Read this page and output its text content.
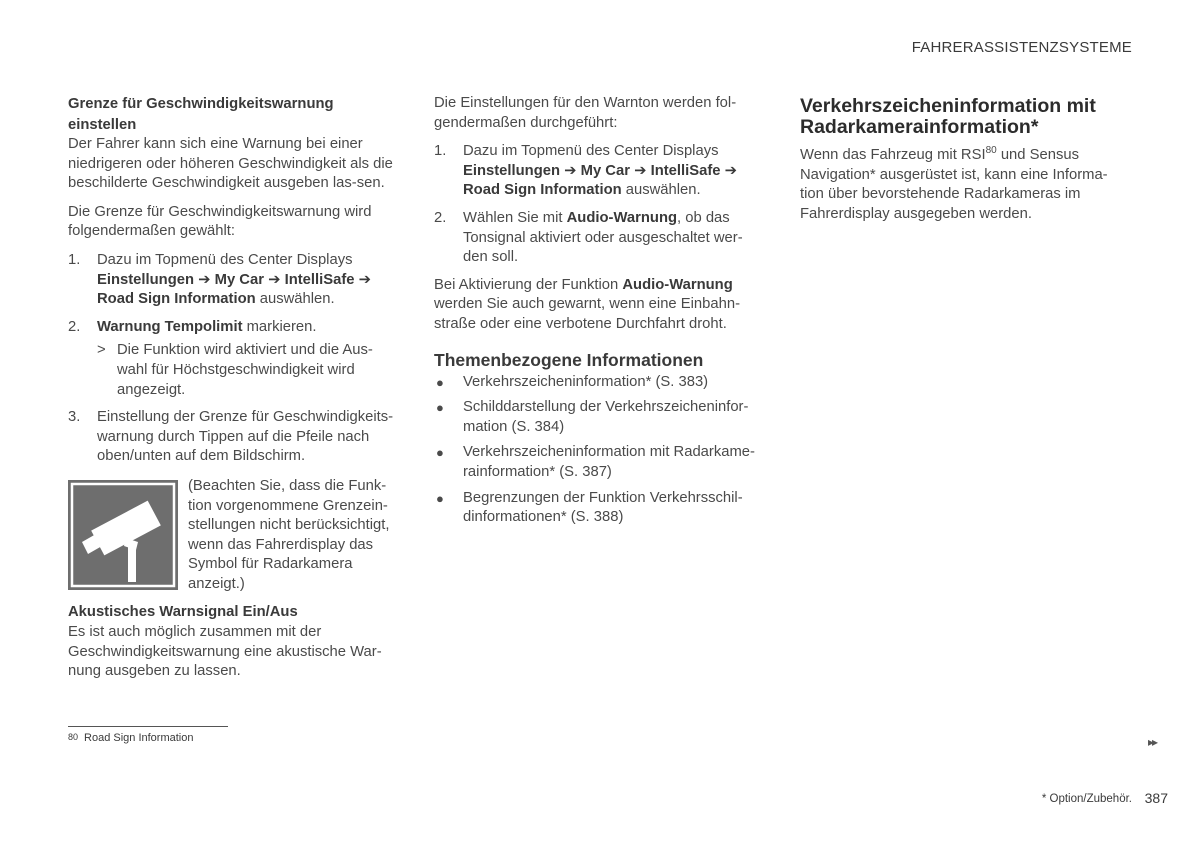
FAHRERASSISTENZSYSTEME
Grenze für Geschwindigkeitswarnung einstellen

Der Fahrer kann sich eine Warnung bei einer niedrigeren oder höheren Geschwindigkeit als die beschilderte Geschwindigkeit ausgeben las-sen.

Die Grenze für Geschwindigkeitswarnung wird folgendermaßen gewählt:

1. Dazu im Topmenü des Center Displays
Einstellungen ➔ My Car ➔ IntelliSafe ➔ Road Sign Information auswählen.
2. Warnung Tempolimit markieren.
> Die Funktion wird aktiviert und die Aus-wahl für Höchstgeschwindigkeit wird angezeigt.
3. Einstellung der Grenze für Geschwindigkeits-warnung durch Tippen auf die Pfeile nach oben/unten auf dem Bildschirm.
(Beachten Sie, dass die Funk-tion vorgenommene Grenzein-stellungen nicht berücksichtigt, wenn das Fahrerdisplay das Symbol für Radarkamera anzeigt.)
Akustisches Warnsignal Ein/Aus

Es ist auch möglich zusammen mit der Geschwindigkeitswarnung eine akustische War-nung ausgeben zu lassen.

Die Einstellungen für den Warnton werden fol-gendermaßen durchgeführt:

1. Dazu im Topmenü des Center Displays
Einstellungen ➔ My Car ➔ IntelliSafe ➔ Road Sign Information auswählen.
2. Wählen Sie mit Audio-Warnung, ob das Tonsignal aktiviert oder ausgeschaltet wer-den soll.

Bei Aktivierung der Funktion Audio-Warnung werden Sie auch gewarnt, wenn eine Einbahn-straße oder eine verbotene Durchfahrt droht.

Themenbezogene Informationen
● Verkehrszeicheninformation* (S. 383)
● Schilddarstellung der Verkehrszeicheninfor-mation (S. 384)
● Verkehrszeicheninformation mit Radarkame-rainformation* (S. 387)
● Begrenzungen der Funktion Verkehrsschil-dinformationen* (S. 388)
Verkehrszeicheninformation mit Radarkamerainformation*

Wenn das Fahrzeug mit RSI$^{80}$ und Sensus Navigation* ausgerüstet ist, kann eine Informa-tion über bevorstehende Radarkameras im Fahrerdisplay ausgegeben werden.

$^{80}$ Road Sign Information	▸▸
* Option/Zubehör. 387
